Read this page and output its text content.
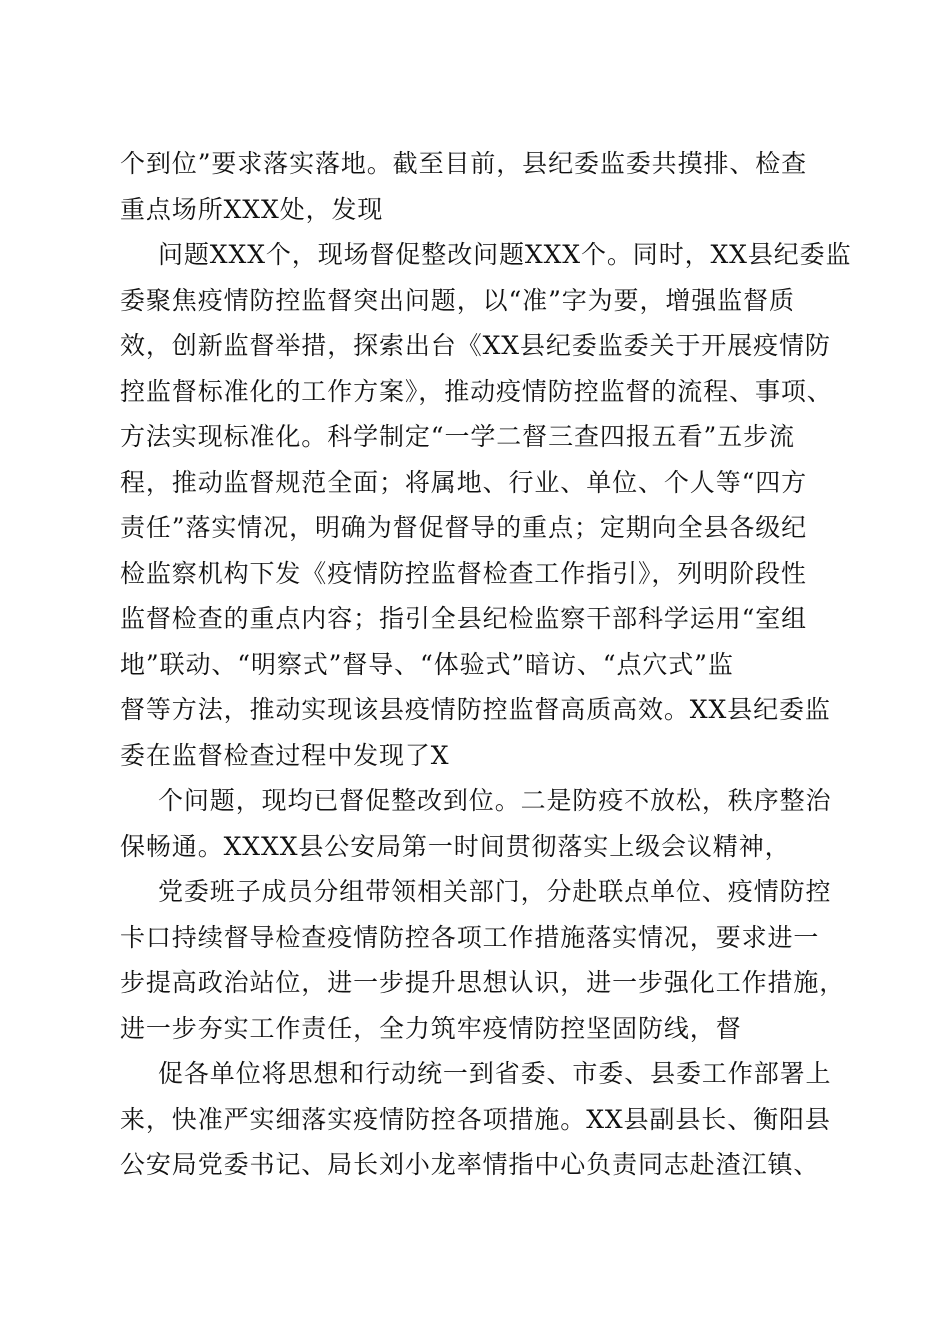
个到位”要求落实落地。截至目前，县纪委监委共摸排、检查
重点场所XXX处，发现
问题XXX个，现场督促整改问题XXX个。同时，XX县纪委监
委聚焦疫情防控监督突出问题，以“准”字为要，增强监督质
效，创新监督举措，探索出台《XX县纪委监委关于开展疫情防
控监督标准化的工作方案》，推动疫情防控监督的流程、事项、
方法实现标准化。科学制定“一学二督三查四报五看”五步流
程，推动监督规范全面；将属地、行业、单位、个人等“四方
责任”落实情况，明确为督促督导的重点；定期向全县各级纪
检监察机构下发《疫情防控监督检查工作指引》，列明阶段性
监督检查的重点内容；指引全县纪检监察干部科学运用“室组
地”联动、“明察式”督导、“体验式”暗访、“点穴式”监
督等方法，推动实现该县疫情防控监督高质高效。XX县纪委监
委在监督检查过程中发现了X
个问题，现均已督促整改到位。二是防疫不放松，秩序整治
保畅通。XXXX县公安局第一时间贯彻落实上级会议精神，
党委班子成员分组带领相关部门，分赴联点单位、疫情防控
卡口持续督导检查疫情防控各项工作措施落实情况，要求进一
步提高政治站位，进一步提升思想认识，进一步强化工作措施，
进一步夯实工作责任，全力筑牢疫情防控坚固防线，督
促各单位将思想和行动统一到省委、市委、县委工作部署上
来，快准严实细落实疫情防控各项措施。XX县副县长、衡阳县
公安局党委书记、局长刘小龙率情指中心负责同志赴渣江镇、
